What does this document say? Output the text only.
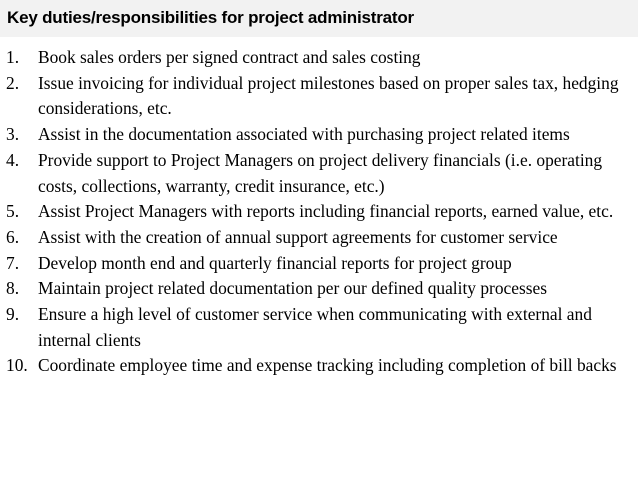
Key duties/responsibilities for project administrator
1. Book sales orders per signed contract and sales costing
2. Issue invoicing for individual project milestones based on proper sales tax, hedging considerations, etc.
3. Assist in the documentation associated with purchasing project related items
4. Provide support to Project Managers on project delivery financials (i.e. operating costs, collections, warranty, credit insurance, etc.)
5. Assist Project Managers with reports including financial reports, earned value, etc.
6. Assist with the creation of annual support agreements for customer service
7. Develop month end and quarterly financial reports for project group
8. Maintain project related documentation per our defined quality processes
9. Ensure a high level of customer service when communicating with external and internal clients
10. Coordinate employee time and expense tracking including completion of bill backs
